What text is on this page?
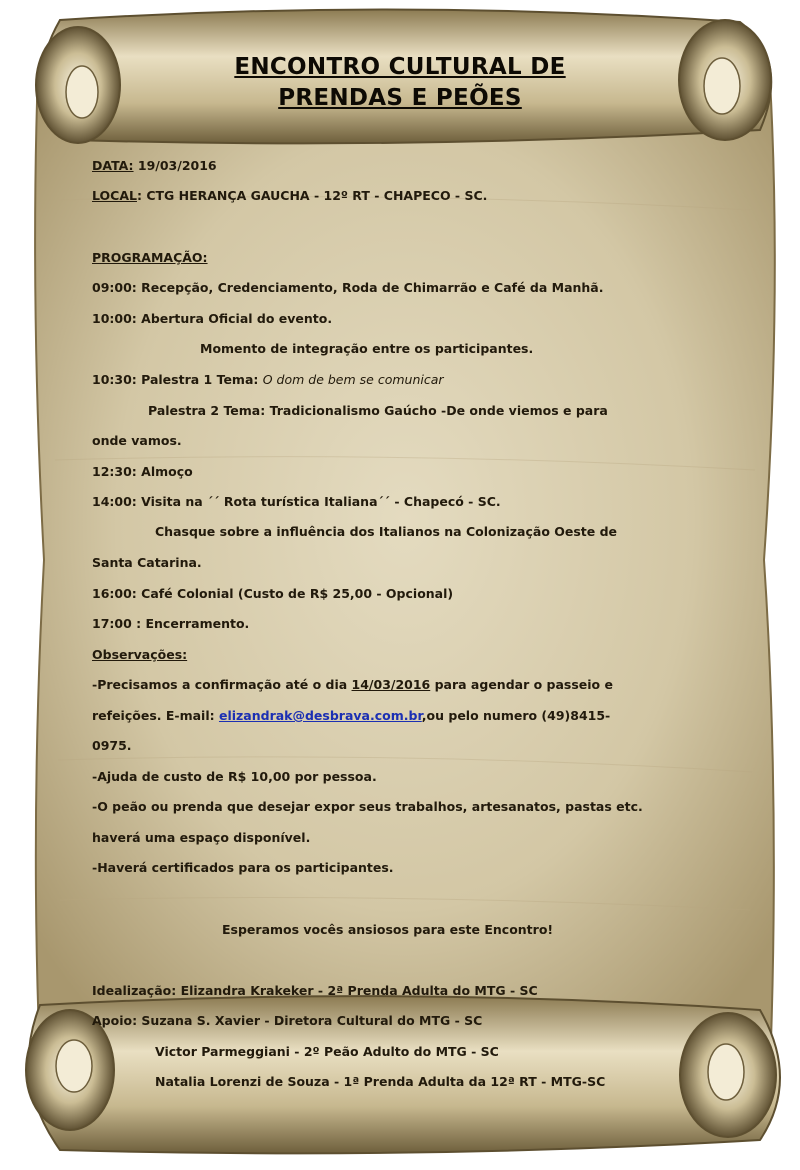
ENCONTRO CULTURAL DE
PRENDAS E PEÕES
DATA: 19/03/2016
LOCAL: CTG HERANÇA GAUCHA - 12º RT - CHAPECO - SC.
PROGRAMAÇÃO:
09:00: Recepção, Credenciamento, Roda de Chimarrão e Café da Manhã.
10:00: Abertura Oficial do evento.
Momento de integração entre os participantes.
10:30: Palestra 1 Tema: O dom de bem se comunicar
Palestra 2 Tema: Tradicionalismo Gaúcho -De onde viemos e para
onde vamos.
12:30: Almoço
14:00: Visita na ´´ Rota turística Italiana´´ - Chapecó - SC.
Chasque sobre a influência dos Italianos na Colonização Oeste de
Santa Catarina.
16:00: Café Colonial (Custo de R$ 25,00 - Opcional)
17:00 : Encerramento.
Observações:
-Precisamos a confirmação até o dia 14/03/2016 para agendar o passeio e
refeições. E-mail: elizandrak@desbrava.com.br,ou pelo numero (49)8415-
0975.
-Ajuda de custo de R$ 10,00 por pessoa.
-O peão ou prenda que desejar expor seus trabalhos, artesanatos, pastas etc.
haverá uma espaço disponível.
-Haverá certificados para os participantes.
Esperamos vocês ansiosos para este Encontro!
Idealização: Elizandra Krakeker - 2ª Prenda Adulta do MTG - SC
Apoio: Suzana S. Xavier - Diretora Cultural do MTG - SC
Victor Parmeggiani - 2º Peão Adulto do MTG - SC
Natalia Lorenzi de Souza - 1ª Prenda Adulta da 12ª RT - MTG-SC
